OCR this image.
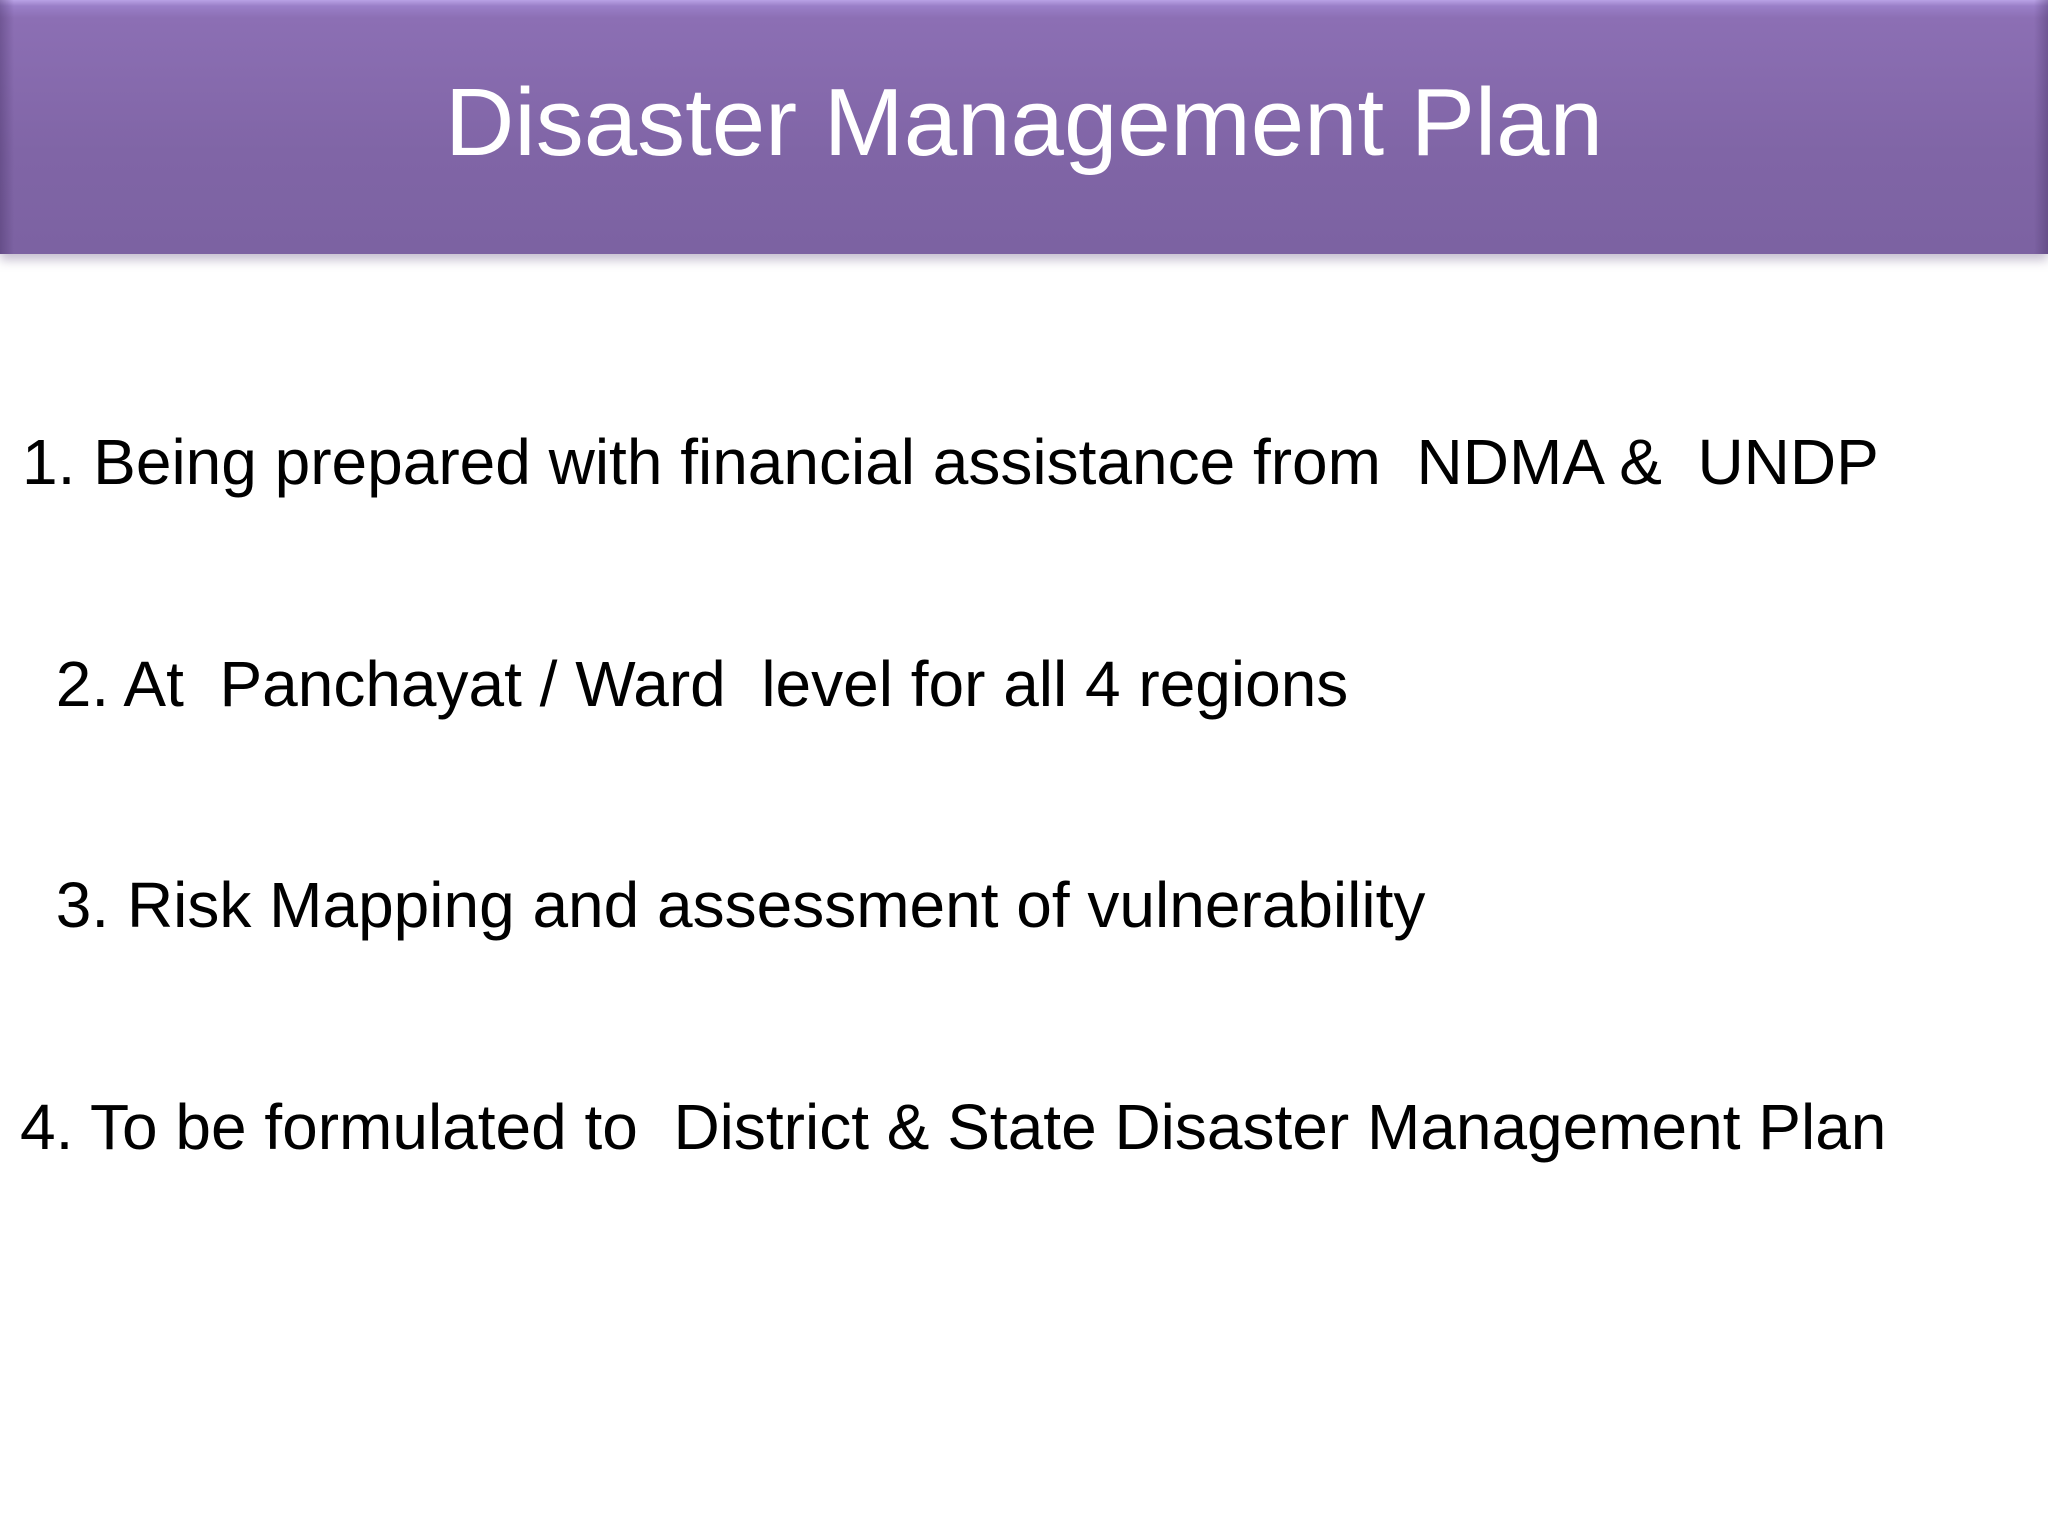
Disaster Management Plan

1. Being prepared with financial assistance from  NDMA &  UNDP

2. At  Panchayat / Ward  level for all 4 regions

3. Risk Mapping and assessment of vulnerability

4. To be formulated to  District & State Disaster Management Plan
